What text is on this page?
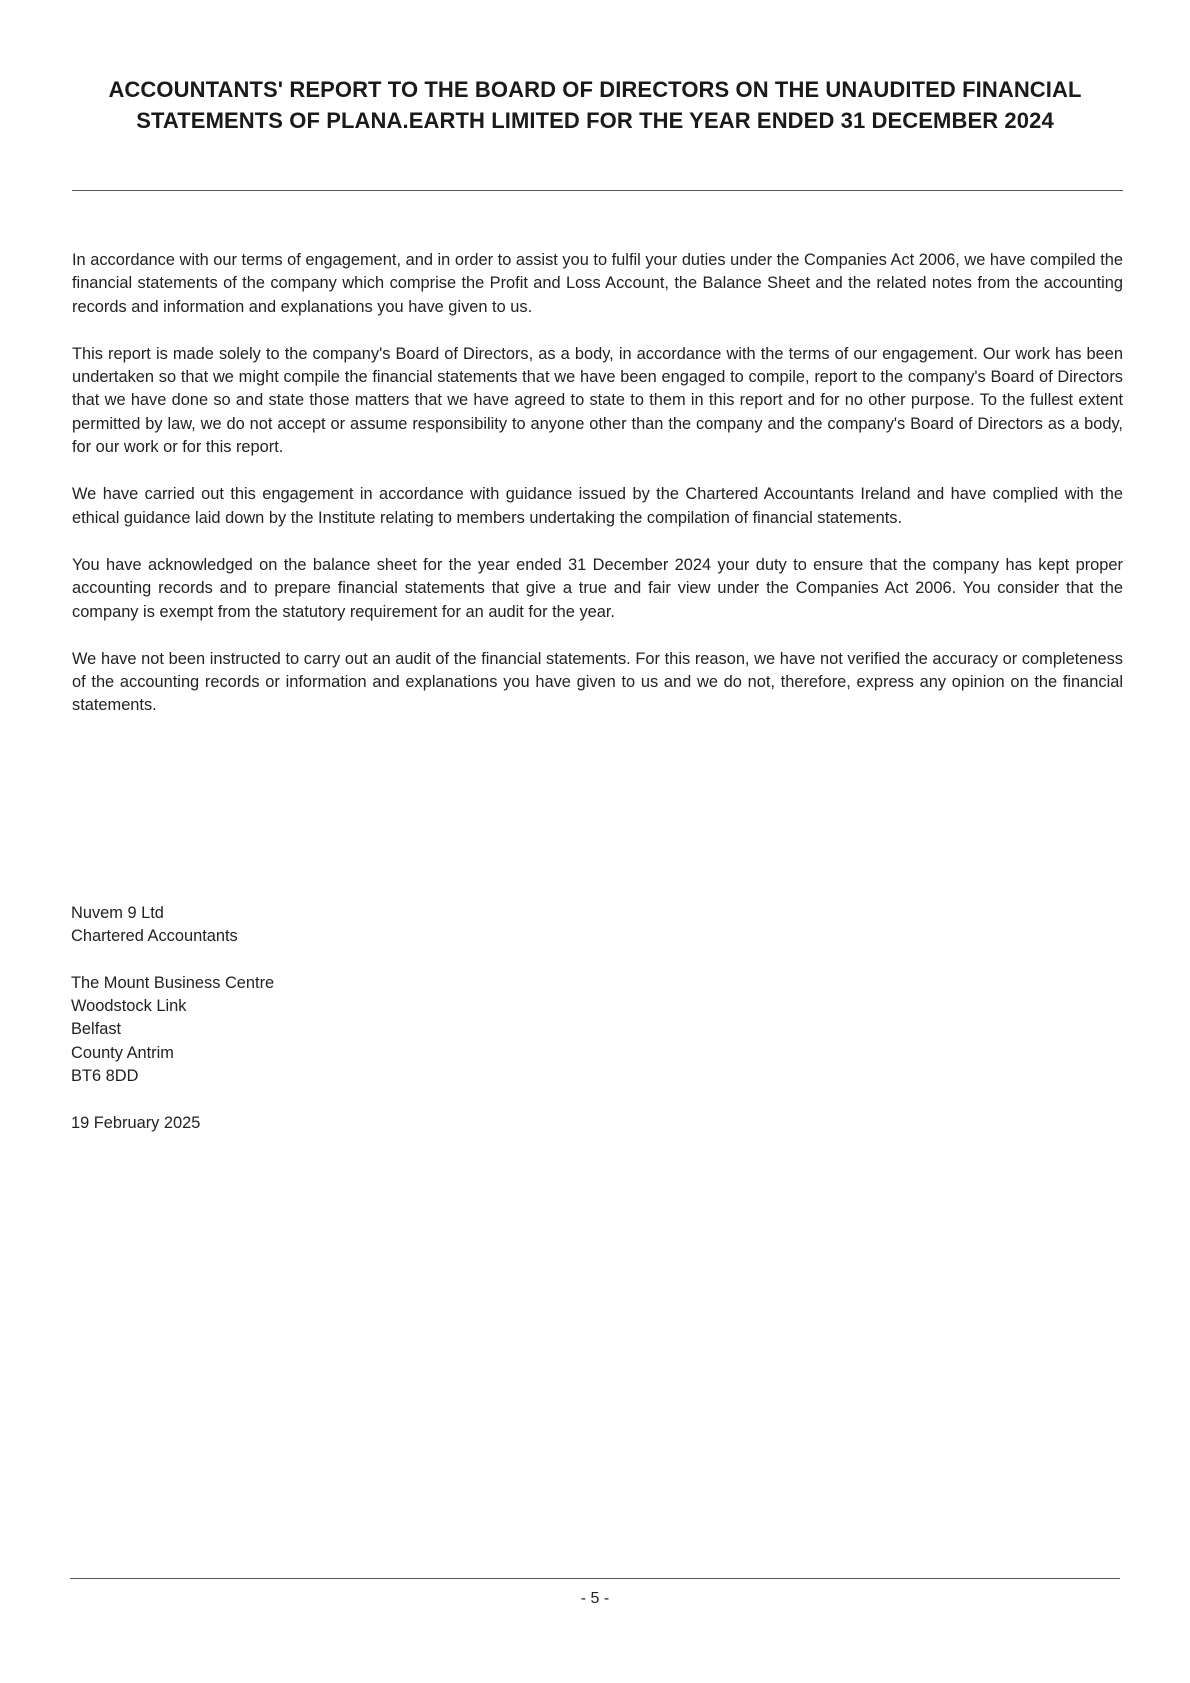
ACCOUNTANTS' REPORT TO THE BOARD OF DIRECTORS ON THE UNAUDITED FINANCIAL STATEMENTS OF PLANA.EARTH LIMITED FOR THE YEAR ENDED 31 DECEMBER 2024

In accordance with our terms of engagement, and in order to assist you to fulfil your duties under the Companies Act 2006, we have compiled the financial statements of the company which comprise the Profit and Loss Account, the Balance Sheet and the related notes from the accounting records and information and explanations you have given to us.

This report is made solely to the company's Board of Directors, as a body, in accordance with the terms of our engagement. Our work has been undertaken so that we might compile the financial statements that we have been engaged to compile, report to the company's Board of Directors that we have done so and state those matters that we have agreed to state to them in this report and for no other purpose. To the fullest extent permitted by law, we do not accept or assume responsibility to anyone other than the company and the company's Board of Directors as a body, for our work or for this report.

We have carried out this engagement in accordance with guidance issued by the Chartered Accountants Ireland and have complied with the ethical guidance laid down by the Institute relating to members undertaking the compilation of financial statements.

You have acknowledged on the balance sheet for the year ended 31 December 2024 your duty to ensure that the company has kept proper accounting records and to prepare financial statements that give a true and fair view under the Companies Act 2006. You consider that the company is exempt from the statutory requirement for an audit for the year.

We have not been instructed to carry out an audit of the financial statements. For this reason, we have not verified the accuracy or completeness of the accounting records or information and explanations you have given to us and we do not, therefore, express any opinion on the financial statements.

Nuvem 9 Ltd
Chartered Accountants
The Mount Business Centre
Woodstock Link
Belfast
County Antrim
BT6 8DD
19 February 2025
- 5 -
